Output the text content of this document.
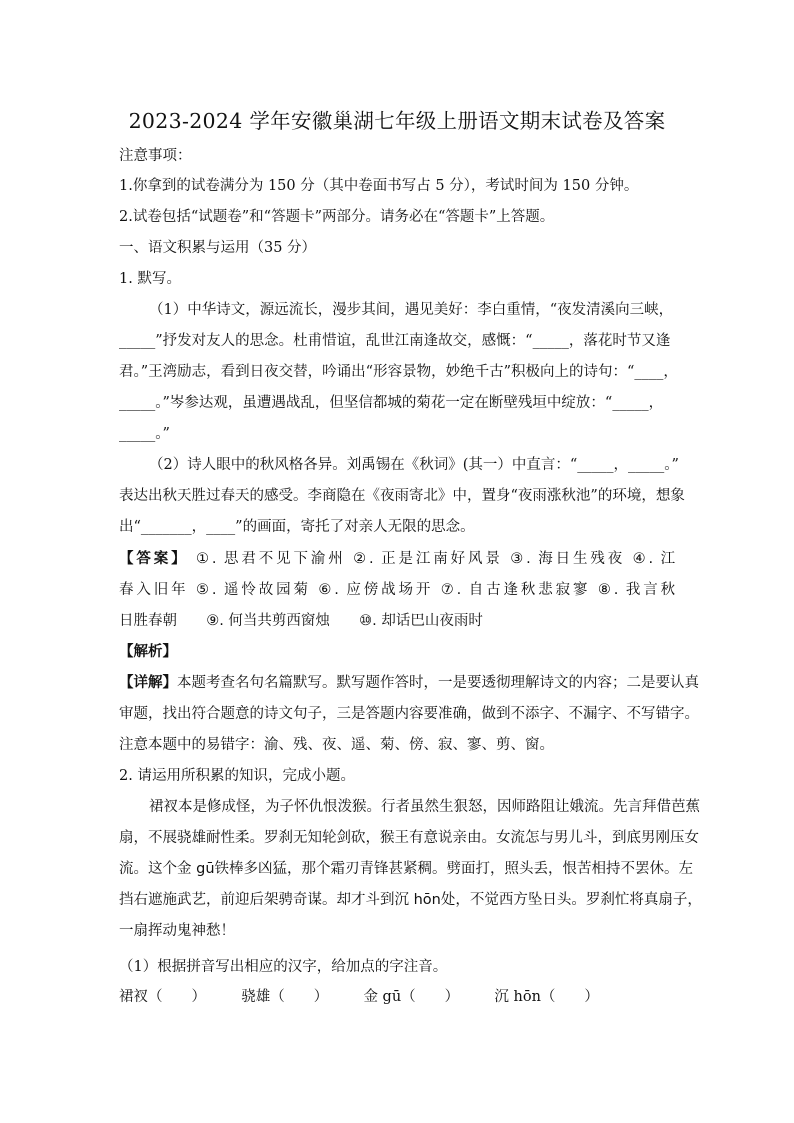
2023-2024 学年安徽巢湖七年级上册语文期末试卷及答案
注意事项：
1.你拿到的试卷满分为 150 分（其中卷面书写占 5 分），考试时间为 150 分钟。
2.试卷包括“试题卷”和“答题卡”两部分。请务必在“答题卡”上答题。
一、语文积累与运用（35 分）
1. 默写。
（1）中华诗文，源远流长，漫步其间，遇见美好：李白重情，“夜发清溪向三峡，
_____”抒发对友人的思念。杜甫惜谊，乱世江南逢故交，感慨：“_____，落花时节又逢
君。”王湾励志，看到日夜交替，吟诵出“形容景物，妙绝千古”积极向上的诗句：“____，
_____。”岑参达观，虽遭遇战乱，但坚信都城的菊花一定在断壁残垣中绽放：“_____，
_____。”
（2）诗人眼中的秋风格各异。刘禹锡在《秋词》(其一）中直言：“_____，_____。”
表达出秋天胜过春天的感受。李商隐在《夜雨寄北》中，置身“夜雨涨秋池”的环境，想象
出“_______，____”的画面，寄托了对亲人无限的思念。
【答案】 ①. 思君不见下渝州 ②. 正是江南好风景 ③. 海日生残夜 ④. 江
春入旧年 ⑤. 遥怜故园菊 ⑥. 应傍战场开 ⑦. 自古逢秋悲寂寥 ⑧. 我言秋
日胜春朝 ⑨. 何当共剪西窗烛 ⑩. 却话巴山夜雨时
【解析】
【详解】本题考查名句名篇默写。默写题作答时，一是要透彻理解诗文的内容；二是要认真
审题，找出符合题意的诗文句子，三是答题内容要准确，做到不添字、不漏字、不写错字。
注意本题中的易错字：渝、残、夜、遥、菊、傍、寂、寥、剪、窗。
2. 请运用所积累的知识，完成小题。
裙衩本是修成怪，为子怀仇恨泼猴。行者虽然生狠怒，因师路阻让娥流。先言拜借芭蕉
扇，不展骁雄耐性柔。罗刹无知轮剑砍，猴王有意说亲由。女流怎与男儿斗，到底男刚压女
流。这个金 gū铁棒多凶猛，那个霜刃青锋甚紧稠。劈面打，照头丢，恨苦相持不罢休。左
挡右遮施武艺，前迎后架骋奇谋。却才斗到沉 hōn处，不觉西方坠日头。罗刹忙将真扇子，
一扇挥动鬼神愁！
（1）根据拼音写出相应的汉字，给加点的字注音。
裙衩（　　） 骁雄（　　） 金 gū（　　） 沉 hōn（　　）
